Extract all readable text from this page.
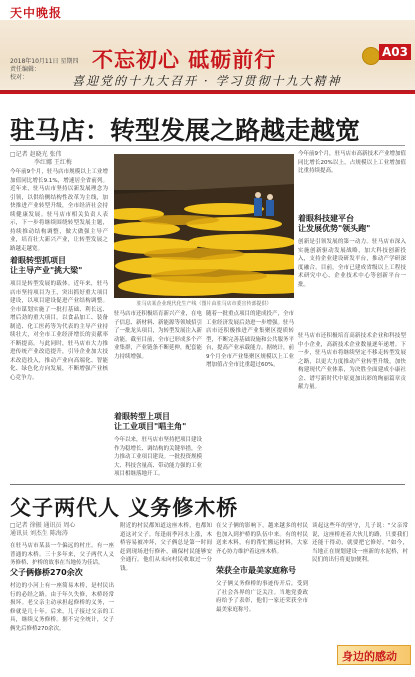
天中晚报
2018年10月11日 星期四
责任编辑：
校对：
不忘初心 砥砺前行
喜迎党的十九大召开 · 学习贯彻十九大精神
A03
驻马店：转型发展之路越走越宽
□记者 赵晓光 张伟
李红娜 王红梅
今年前9个月，驻马店市规模以上工业增加值同比增长9.1%，增速居全省前列。近年来，驻马店市坚持以新发展理念为引领，以供给侧结构性改革为主线，加快推进产业转型升级，全市经济社会持续健康发展。驻马店市相关负责人表示，下一步将继续围绕转型发展主题，持续推动结构调整，做大做强主导产业，培育壮大新兴产业，让转型发展之路越走越宽。
着眼转型抓项目
让主导产业"挑大梁"
项目是转型发展的载体。近年来，驻马店市坚持项目为王，突出抓好重大项目建设，以项目建设促进产业结构调整。全市谋划实施了一批打基础、利长远、增后劲的重大项目。以食品加工、装备制造、化工医药等为代表的主导产业持续壮大，对全市工业经济增长的贡献率不断提高。与此同时，驻马店市大力推进传统产业改造提升，引导企业加大技术改造投入，推动产业向高端化、智能化、绿色化方向发展，不断增强产业核心竞争力。
驻马店某企业现代化生产线（图片由驻马店市委宣传部提供）
驻马店市还积极培育新兴产业，在电子信息、新材料、新能源等领域招引了一批龙头项目，为转型发展注入新动能。截至目前，全市已形成多个产业集群，产业链条不断延伸，配套能力持续增强。
着眼转型上项目
让工业项目"唱主角"
今年以来，驻马店市坚持把项目建设作为稳增长、调结构的关键举措，全力推动工业项目建设。一批投资规模大、科技含量高、带动能力强的工业项目相继落地开工。
随着一批重点项目的建成投产，全市工业经济发展后劲进一步增强。驻马店市还积极推进产业集聚区提质转型，不断完善基础设施和公共服务平台，提高产业承载能力。据统计，前9个月全市产业集聚区规模以上工业增加值占全市比重超过60%。
今年前9个月，驻马店市高新技术产业增加值同比增长20%以上，占规模以上工业增加值比重持续提高。
着眼科技建平台
让发展优势"领头跑"
创新是引领发展的第一动力。驻马店市深入实施创新驱动发展战略，加大科技创新投入，支持企业建设研发平台，推动产学研深度融合。目前，全市已建成省级以上工程技术研究中心、企业技术中心等创新平台一批。
驻马店市还积极培育高新技术企业和科技型中小企业，高新技术企业数量逐年递增。下一步，驻马店市将继续坚定不移走转型发展之路，以更大力度推动产业转型升级，加快构建现代产业体系，为决胜全面建成小康社会、谱写新时代中原更加出彩的绚丽篇章贡献力量。
父子两代人 义务修木桥
□记者 徐振 通讯员 周心
通讯员 刘杰生 陈海涛
在驻马店市某县一个偏远的村庄，有一座普通的木桥。三十多年来，父子两代人义务修桥、护桥的故事在当地传为佳话。
父子俩修桥270余次
村边的小河上有一座简易木桥，是村民出行的必经之路。由于年久失修，木桥经常损坏。老父亲主动承担起修桥的义务，一修就是几十年。后来，儿子接过父亲的工具，继续义务修桥。据不完全统计，父子俩先后修桥270余次。
附近的村民都知道这座木桥，也都知道这对父子。每逢雨季河水上涨，木桥容易被冲坏，父子俩总是第一时间赶到现场进行修补，确保村民能够安全通行。他们从未向村民收取过一分钱。
在父子俩的影响下，越来越多的村民也加入到护桥的队伍中来。有的村民送来木料，有的帮忙搬运材料，大家齐心协力维护着这座木桥。
荣获全市最美家庭称号
父子俩义务修桥的事迹传开后，受到了社会各界的广泛关注。当地党委政府给予了表彰，他们一家还荣获全市最美家庭称号。
谈起这些年的坚守，儿子说："父亲常说，这座桥连着大伙儿的路，只要我们还能干得动，就要把它修好。"如今，当地正在规划建设一座新的水泥桥，村民们的出行将更加便利。
身边的感动
